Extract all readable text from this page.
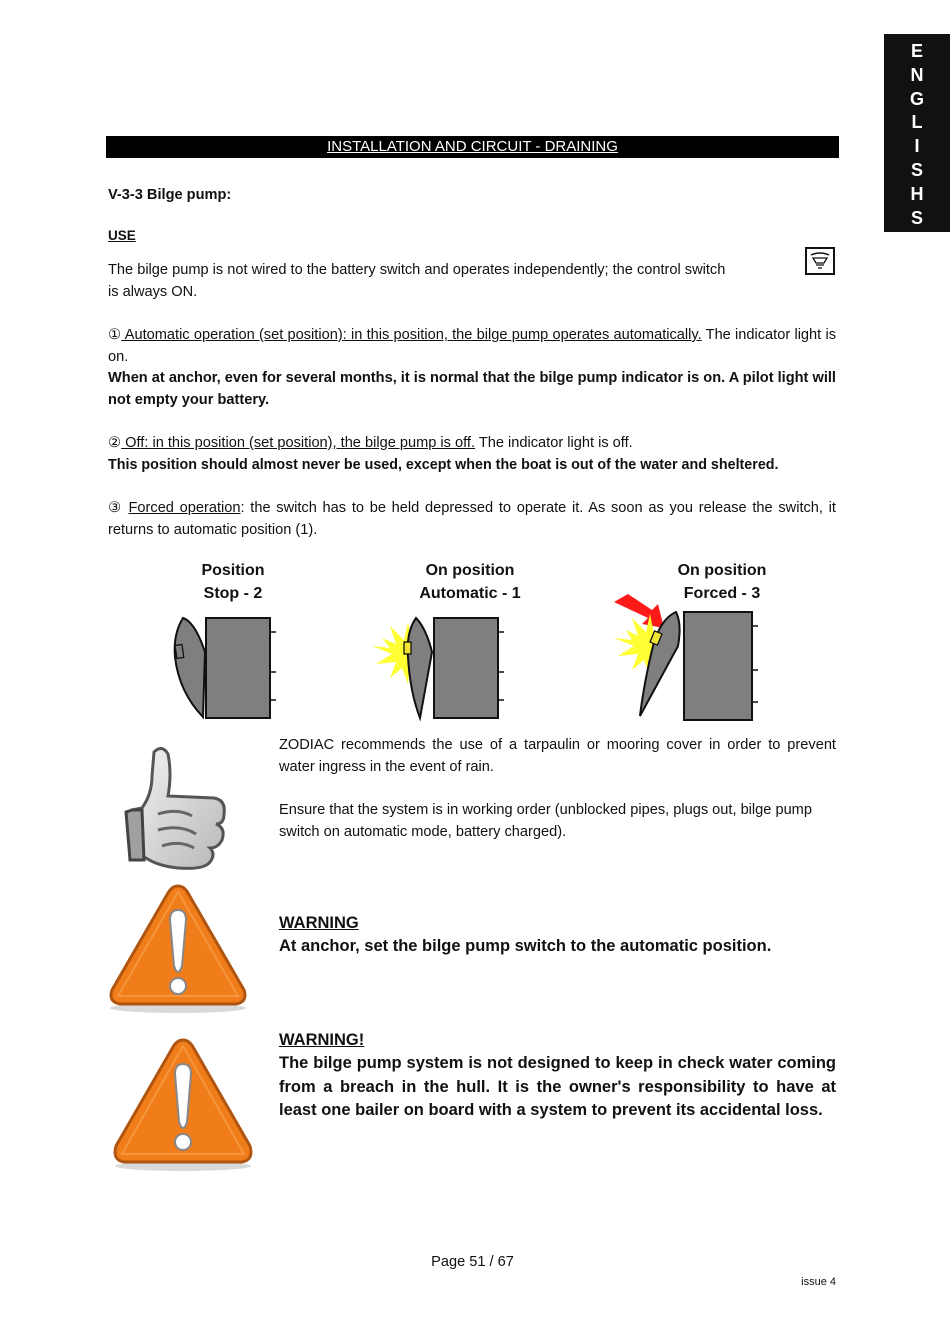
E
N
G
L
I
S
H
S
INSTALLATION AND CIRCUIT - DRAINING
V-3-3 Bilge pump:
USE
The bilge pump is not wired to the battery switch and operates independently; the control switch
is always ON.
① Automatic operation (set position): in this position, the bilge pump operates automatically. The indicator light is on.
When at anchor, even for several months, it is normal that the bilge pump indicator is on. A pilot light will not empty your battery.
② Off: in this position (set position), the bilge pump is off. The indicator light is off.
This position should almost never be used, except when the boat is out of the water and sheltered.
③ Forced operation: the switch has to be held depressed to operate it. As soon as you release the switch, it returns to automatic position (1).
Position
Stop - 2
On position
Automatic - 1
On position
Forced - 3
ZODIAC recommends the use of a tarpaulin or mooring cover in order to prevent water ingress in the event of rain.
Ensure that the system is in working order (unblocked pipes, plugs out, bilge pump switch on automatic mode, battery charged).
WARNING
At anchor, set the bilge pump switch to the automatic position.
WARNING!
The bilge pump system is not designed to keep in check water coming from a breach in the hull. It is the owner's responsibility to have at least one bailer on board with a system to prevent its accidental loss.
Page 51 / 67
issue 4
